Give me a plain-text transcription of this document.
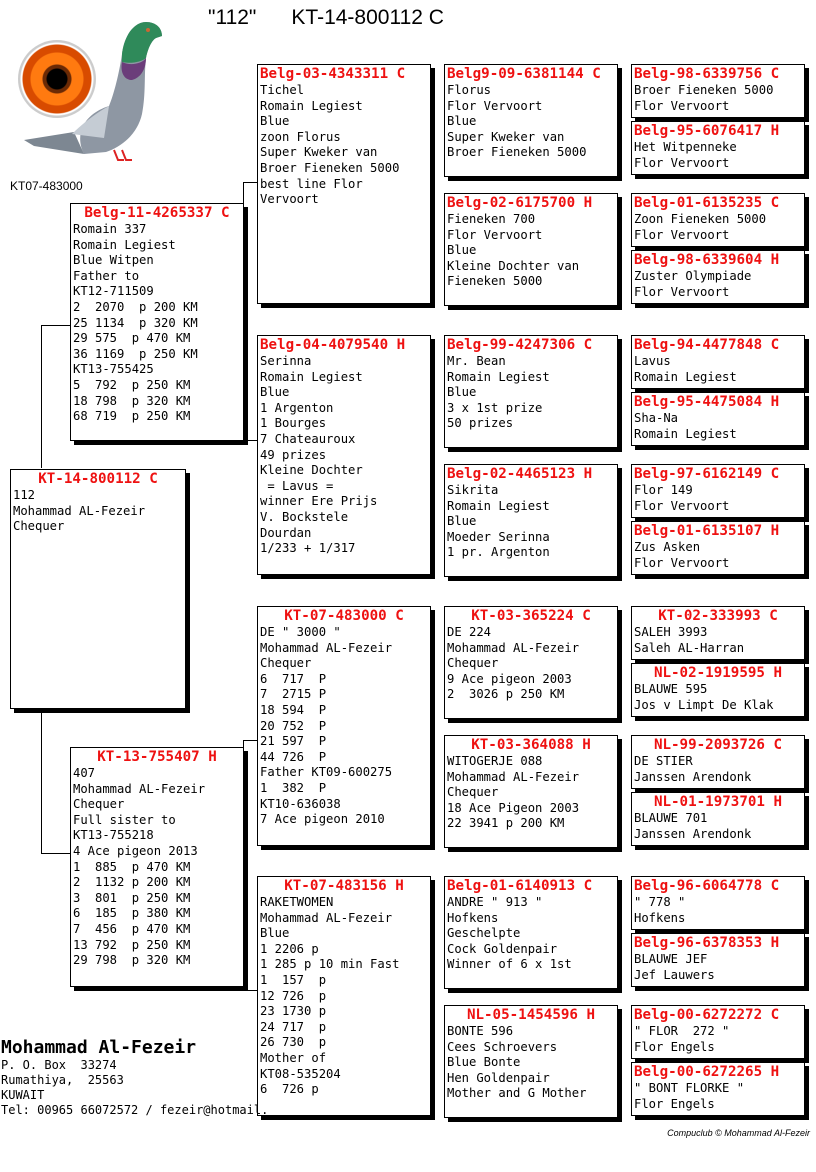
"112"      KT-14-800112 C
KT07-483000
KT-14-800112 C
112
Mohammad AL-Fezeir
Chequer
Belg-11-4265337 C
Romain 337
Romain Legiest
Blue Witpen
Father to
KT12-711509
2  2070  p 200 KM
25 1134  p 320 KM
29 575  p 470 KM
36 1169  p 250 KM
KT13-755425
5  792  p 250 KM
18 798  p 320 KM
68 719  p 250 KM
KT-13-755407 H
407
Mohammad AL-Fezeir
Chequer
Full sister to
KT13-755218
4 Ace pigeon 2013
1  885  p 470 KM
2  1132 p 200 KM
3  801  p 250 KM
6  185  p 380 KM
7  456  p 470 KM
13 792  p 250 KM
29 798  p 320 KM
Belg-03-4343311 C
Tichel
Romain Legiest
Blue
zoon Florus
Super Kweker van
Broer Fieneken 5000
best line Flor
Vervoort
Belg-04-4079540 H
Serinna
Romain Legiest
Blue
1 Argenton
1 Bourges
7 Chateauroux
49 prizes
Kleine Dochter
= Lavus =
winner Ere Prijs
V. Bockstele
Dourdan
1/233 + 1/317
KT-07-483000 C
DE " 3000 "
Mohammad AL-Fezeir
Chequer
6  717  P
7  2715 P
18 594  P
20 752  P
21 597  P
44 726  P
Father KT09-600275
1  382  P
KT10-636038
7 Ace pigeon 2010
KT-07-483156 H
RAKETWOMEN
Mohammad AL-Fezeir
Blue
1 2206 p
1 285 p 10 min Fast
1  157  p
12 726  p
23 1730 p
24 717  p
26 730  p
Mother of
KT08-535204
6  726 p
Belg9-09-6381144 C
Florus
Flor Vervoort
Blue
Super Kweker van
Broer Fieneken 5000
Belg-02-6175700 H
Fieneken 700
Flor Vervoort
Blue
Kleine Dochter van
Fieneken 5000
Belg-99-4247306 C
Mr. Bean
Romain Legiest
Blue
3 x 1st prize
50 prizes
Belg-02-4465123 H
Sikrita
Romain Legiest
Blue
Moeder Serinna
1 pr. Argenton
KT-03-365224 C
DE 224
Mohammad AL-Fezeir
Chequer
9 Ace pigeon 2003
2  3026 p 250 KM
KT-03-364088 H
WITOGERJE 088
Mohammad AL-Fezeir
Chequer
18 Ace Pigeon 2003
22 3941 p 200 KM
Belg-01-6140913 C
ANDRE " 913 "
Hofkens
Geschelpte
Cock Goldenpair
Winner of 6 x 1st
NL-05-1454596 H
BONTE 596
Cees Schroevers
Blue Bonte
Hen Goldenpair
Mother and G Mother
Belg-98-6339756 C
Broer Fieneken 5000
Flor Vervoort
Belg-95-6076417 H
Het Witpenneke
Flor Vervoort
Belg-01-6135235 C
Zoon Fieneken 5000
Flor Vervoort
Belg-98-6339604 H
Zuster Olympiade
Flor Vervoort
Belg-94-4477848 C
Lavus
Romain Legiest
Belg-95-4475084 H
Sha-Na
Romain Legiest
Belg-97-6162149 C
Flor 149
Flor Vervoort
Belg-01-6135107 H
Zus Asken
Flor Vervoort
KT-02-333993 C
SALEH 3993
Saleh AL-Harran
NL-02-1919595 H
BLAUWE 595
Jos v Limpt De Klak
NL-99-2093726 C
DE STIER
Janssen Arendonk
NL-01-1973701 H
BLAUWE 701
Janssen Arendonk
Belg-96-6064778 C
" 778 "
Hofkens
Belg-96-6378353 H
BLAUWE JEF
Jef Lauwers
Belg-00-6272272 C
" FLOR  272 "
Flor Engels
Belg-00-6272265 H
" BONT FLORKE "
Flor Engels
Mohammad Al-Fezeir
P. O. Box  33274
Rumathiya,  25563
KUWAIT
Tel: 00965 66072572 / fezeir@hotmail.
Compuclub © Mohammad Al-Fezeir
